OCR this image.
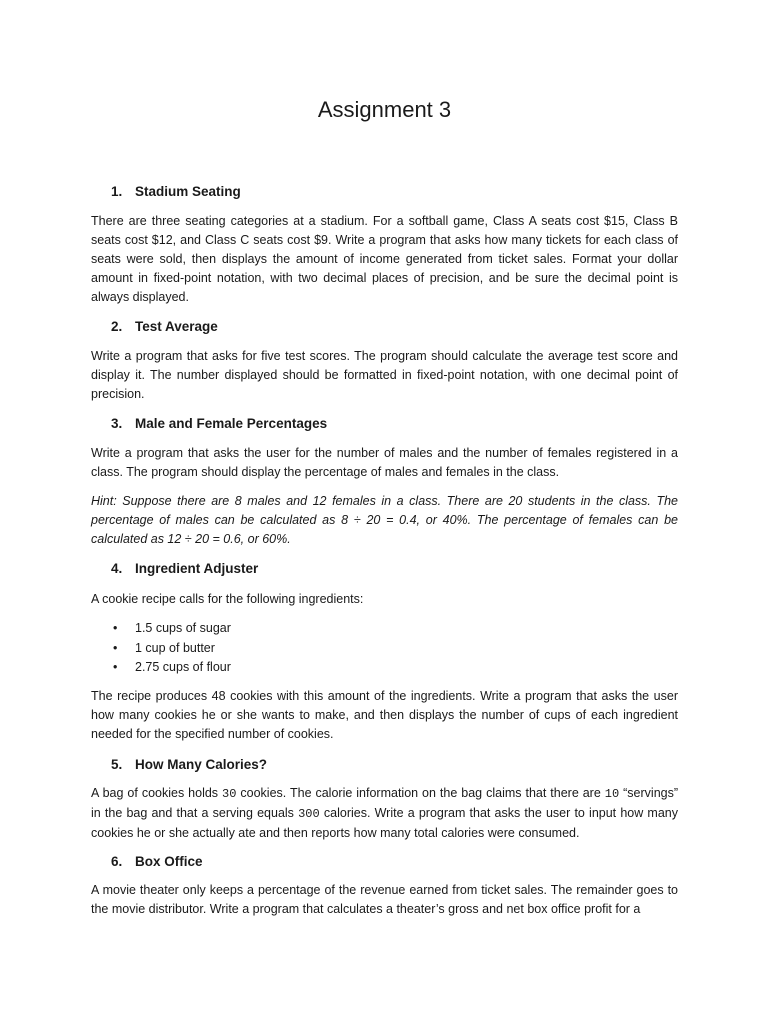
Assignment 3
1. Stadium Seating

There are three seating categories at a stadium. For a softball game, Class A seats cost $15, Class B seats cost $12, and Class C seats cost $9. Write a program that asks how many tickets for each class of seats were sold, then displays the amount of income generated from ticket sales. Format your dollar amount in fixed-point notation, with two decimal places of precision, and be sure the decimal point is always displayed.

2. Test Average

Write a program that asks for five test scores. The program should calculate the average test score and display it. The number displayed should be formatted in fixed-point notation, with one decimal point of precision.

3. Male and Female Percentages

Write a program that asks the user for the number of males and the number of females registered in a class. The program should display the percentage of males and females in the class.

Hint: Suppose there are 8 males and 12 females in a class. There are 20 students in the class. The percentage of males can be calculated as 8 ÷ 20 = 0.4, or 40%. The percentage of females can be calculated as 12 ÷ 20 = 0.6, or 60%.

4. Ingredient Adjuster

A cookie recipe calls for the following ingredients:

• 1.5 cups of sugar
• 1 cup of butter
• 2.75 cups of flour

The recipe produces 48 cookies with this amount of the ingredients. Write a program that asks the user how many cookies he or she wants to make, and then displays the number of cups of each ingredient needed for the specified number of cookies.

5. How Many Calories?

A bag of cookies holds 30 cookies. The calorie information on the bag claims that there are 10 “servings” in the bag and that a serving equals 300 calories. Write a program that asks the user to input how many cookies he or she actually ate and then reports how many total calories were consumed.

6. Box Office

A movie theater only keeps a percentage of the revenue earned from ticket sales. The remainder goes to the movie distributor. Write a program that calculates a theater’s gross and net box office profit for a
